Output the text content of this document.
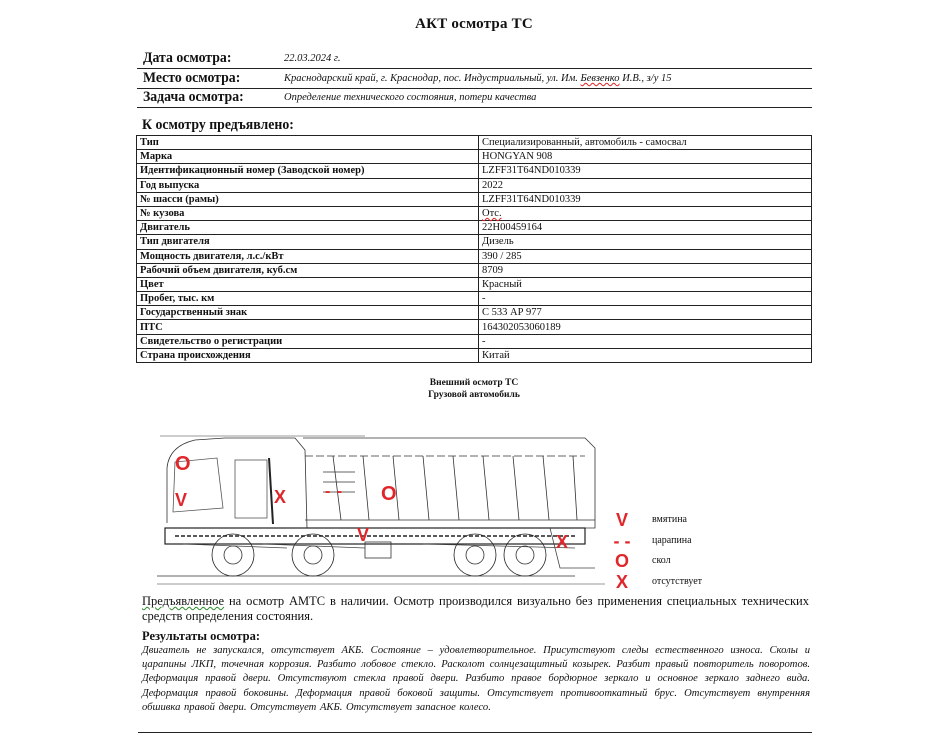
АКТ осмотра ТС
Дата осмотра:	22.03.2024 г.
Место осмотра:	Краснодарский край, г. Краснодар, пос. Индустриальный, ул. Им. Бевзенко И.В., з/у 15
Задача осмотра:	Определение технического состояния, потери качества
К осмотру предъявлено:
Тип	Специализированный, автомобиль - самосвал
Марка	HONGYAN 908
Идентификационный номер (Заводской номер)	LZFF31T64ND010339
Год выпуска	2022
№ шасси (рамы)	LZFF31T64ND010339
№ кузова	Отс.
Двигатель	22H00459164
Тип двигателя	Дизель
Мощность двигателя, л.с./кВт	390 / 285
Рабочий объем двигателя, куб.см	8709
Цвет	Красный
Пробег, тыс. км	-
Государственный знак	С 533 АР 977
ПТС	164302053060189
Свидетельство о регистрации	-
Страна происхождения	Китай
Внешний осмотр ТС
Грузовой автомобиль
O
V	X - - O
V	X
V	вмятина
- - царапина
O	скол
X	отсутствует
Предъявленное на осмотр АМТС в наличии. Осмотр производился визуально без применения специальных технических средств определения состояния.
Результаты осмотра:
Двигатель не запускался, отсутствует АКБ. Состояние – удовлетворительное. Присутствуют следы естественного износа. Сколы и царапины ЛКП, точечная коррозия. Разбито лобовое стекло. Расколот солнцезащитный козырек. Разбит правый повторитель поворотов. Деформация правой двери. Отсутствуют стекла правой двери. Разбито правое бордюрное зеркало и основное зеркало заднего вида. Деформация правой боковины. Деформация правой боковой защиты. Отсутствует противооткатный брус. Отсутствует внутренняя обшивка правой двери. Отсутствует АКБ. Отсутствует запасное колесо.
